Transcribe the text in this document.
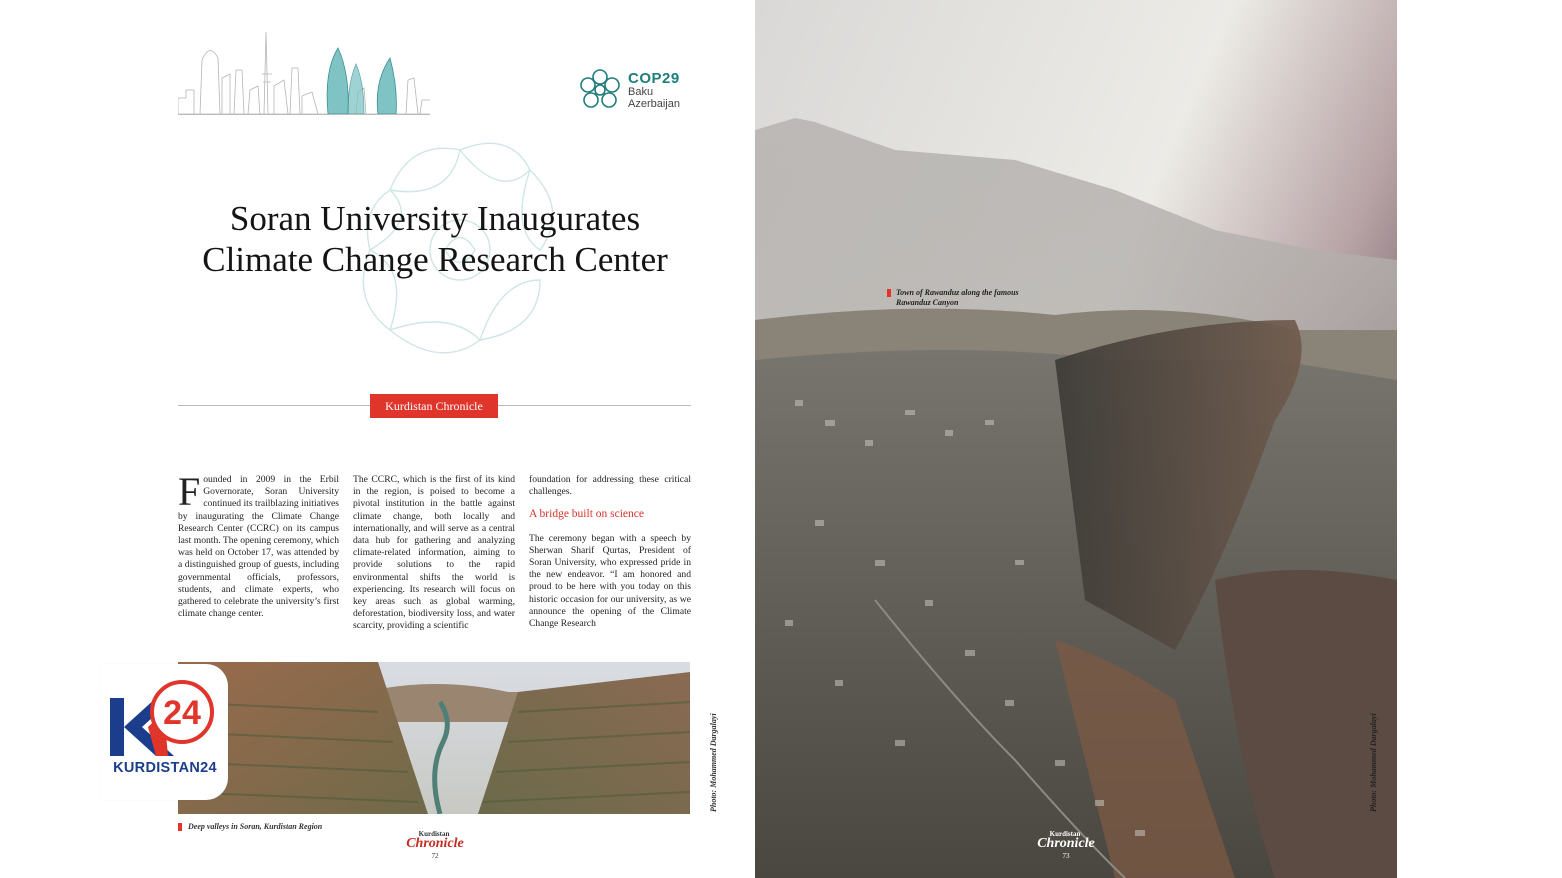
COP29
Baku
Azerbaijan
Soran University Inaugurates
Climate Change Research Center
Kurdistan Chronicle
F ounded in 2009 in the Erbil Governorate, Soran University continued its trailblazing initiatives by inaugurating the Climate Change Research Center (CCRC) on its campus last month. The opening ceremony, which was held on October 17, was attended by a distinguished group of guests, including governmental officials, professors, students, and climate experts, who gathered to celebrate the university’s first climate change center.

The CCRC, which is the first of its kind in the region, is poised to become a pivotal institution in the battle against climate change, both locally and internationally, and will serve as a central data hub for gathering and analyzing climate-related information, aiming to provide solutions to the rapid environmental shifts the world is experiencing. Its research will focus on key areas such as global warming, deforestation, biodiversity loss, and water scarcity, providing a scientific

foundation for addressing these critical challenges.

A bridge built on science

The ceremony began with a speech by Sherwan Sharif Qurtas, President of Soran University, who expressed pride in the new endeavor. “I am honored and proud to be here with you today on this historic occasion for our university, as we announce the opening of the Climate Change Research

Photo: Mohammed Dargalayi
Deep valleys in Soran, Kurdistan Region
Kurdistan
Chronicle
72
24
KURDISTAN24
Town of Rawanduz along the famous
Rawanduz Canyon
Photo: Mohammed Dargalayi
Kurdistan
Chronicle
73
